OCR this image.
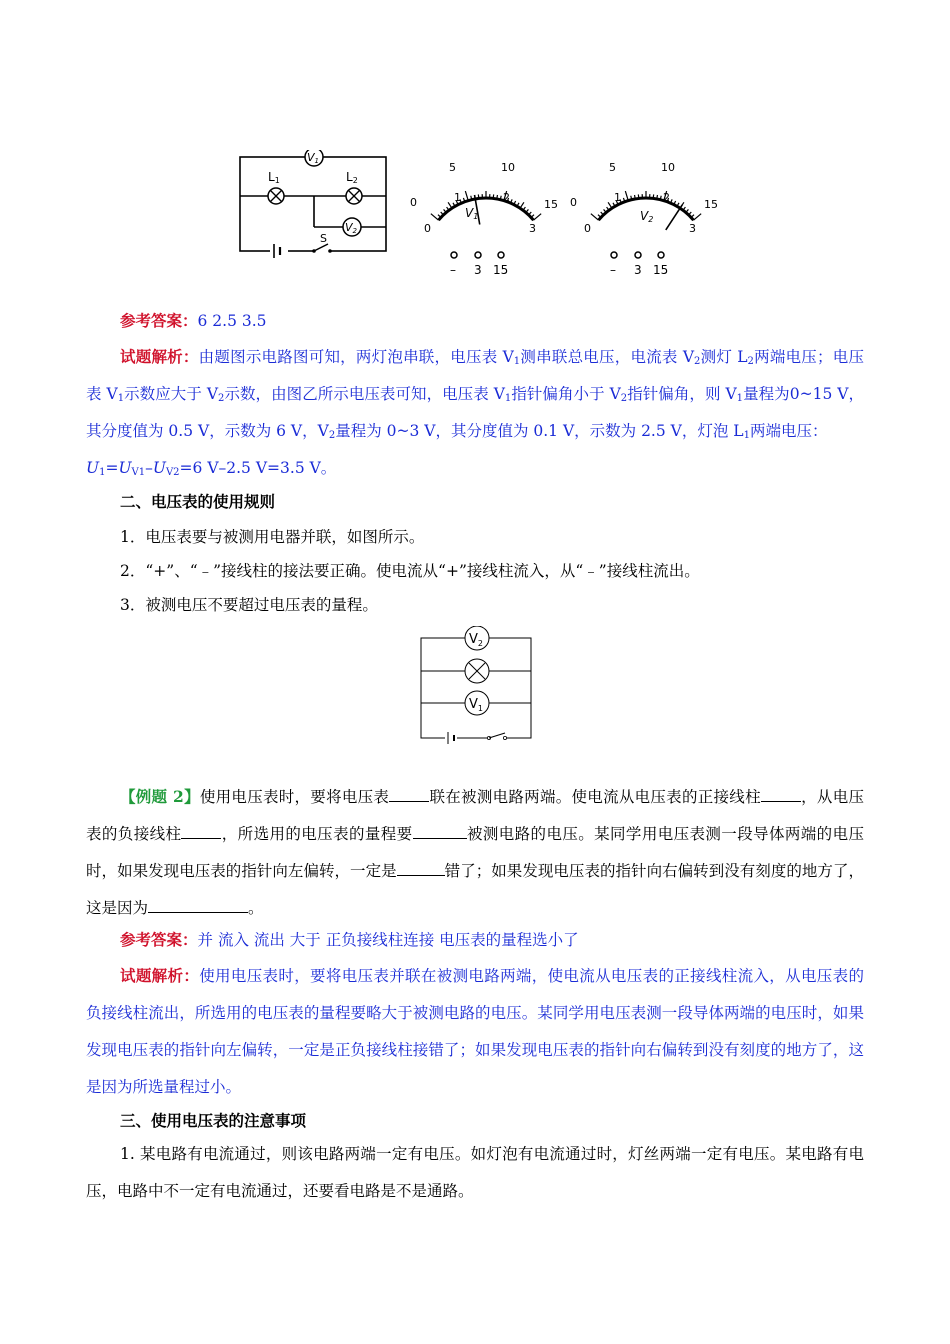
V1
L1	L2
V2
S
0
5	10
15
0
1	2
3
V1
– 3 15
0
5	10
15
0
1	2
3
V2
– 3 15
参考答案：6 2.5 3.5
试题解析：由题图示电路图可知，两灯泡串联，电压表 $V_1$测串联总电压，电流表 $V_2$测灯 $L_2$两端电压；电压表 $V_1$示数应大于 $V_2$示数，由图乙所示电压表可知，电压表 $V_1$指针偏角小于 $V_2$指针偏角，则 $V_1$量程为0~15 V，其分度值为 0.5 V，示数为 6 V，$V_2$量程为 0~3 V，其分度值为 0.1 V，示数为 2.5 V，灯泡 $L_1$两端电压：
$U_1=U_{V1}-U_{V2}=6$ V–2.5 V=3.5 V。
二、电压表的使用规则
1．电压表要与被测用电器并联，如图所示。
2．“+”、“﹣”接线柱的接法要正确。使电流从“+”接线柱流入，从“﹣”接线柱流出。
3．被测电压不要超过电压表的量程。
$V_2$
$V_1$
【例题 2】使用电压表时，要将电压表	联在被测电路两端。使电流从电压表的正接线柱	，从电压表的负接线柱	，所选用的电压表的量程要	被测电路的电压。某同学用电压表测一段导体两端的电压时，如果发现电压表的指针向左偏转，一定是	错了；如果发现电压表的指针向右偏转到没有刻度的地方了，这是因为	。
参考答案：并 流入 流出 大于 正负接线柱连接 电压表的量程选小了
试题解析：使用电压表时，要将电压表并联在被测电路两端，使电流从电压表的正接线柱流入，从电压表的负接线柱流出，所选用的电压表的量程要略大于被测电路的电压。某同学用电压表测一段导体两端的电压时，如果发现电压表的指针向左偏转，一定是正负接线柱接错了；如果发现电压表的指针向右偏转到没有刻度的地方了，这是因为所选量程过小。
三、使用电压表的注意事项
1. 某电路有电流通过，则该电路两端一定有电压。如灯泡有电流通过时，灯丝两端一定有电压。某电路有电压，电路中不一定有电流通过，还要看电路是不是通路。
